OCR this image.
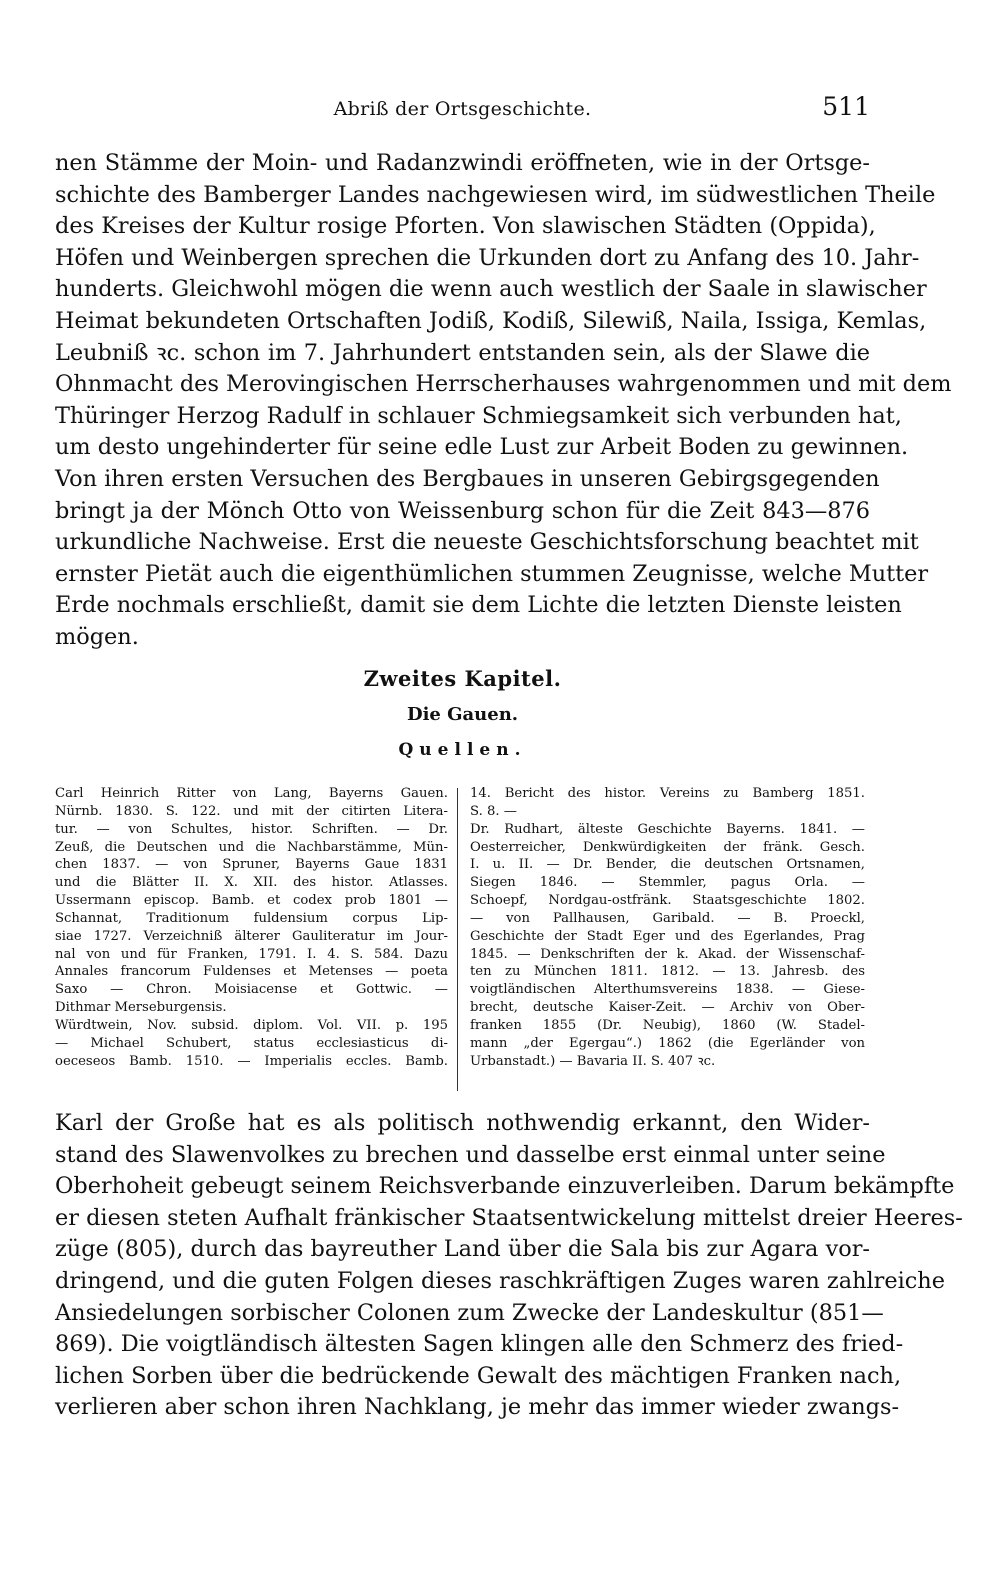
Abriß der Ortsgeschichte.	511
nen Stämme der Moin- und Radanzwindi eröffneten, wie in der Ortsge-
schichte des Bamberger Landes nachgewiesen wird, im südwestlichen Theile
des Kreises der Kultur rosige Pforten. Von slawischen Städten (Oppida),
Höfen und Weinbergen sprechen die Urkunden dort zu Anfang des 10. Jahr-
hunderts. Gleichwohl mögen die wenn auch westlich der Saale in slawischer
Heimat bekundeten Ortschaften Jodiß, Kodiß, Silewiß, Naila, Issiga, Kemlas,
Leubniß ꝛc. schon im 7. Jahrhundert entstanden sein, als der Slawe die
Ohnmacht des Merovingischen Herrscherhauses wahrgenommen und mit dem
Thüringer Herzog Radulf in schlauer Schmiegsamkeit sich verbunden hat,
um desto ungehinderter für seine edle Lust zur Arbeit Boden zu gewinnen.
Von ihren ersten Versuchen des Bergbaues in unseren Gebirgsgegenden
bringt ja der Mönch Otto von Weissenburg schon für die Zeit 843—876
urkundliche Nachweise. Erst die neueste Geschichtsforschung beachtet mit
ernster Pietät auch die eigenthümlichen stummen Zeugnisse, welche Mutter
Erde nochmals erschließt, damit sie dem Lichte die letzten Dienste leisten
mögen.
Zweites Kapitel.
Die Gauen.
Quellen.
Carl Heinrich Ritter von Lang, Bayerns Gauen.
Nürnb. 1830. S. 122. und mit der citirten Litera-
tur. — von Schultes, histor. Schriften. — Dr.
Zeuß, die Deutschen und die Nachbarstämme, Mün-
chen 1837. — von Spruner, Bayerns Gaue 1831
und die Blätter II. X. XII. des histor. Atlasses.
Ussermann episcop. Bamb. et codex prob 1801 —
Schannat, Traditionum fuldensium corpus Lip-
siae 1727. Verzeichniß älterer Gauliteratur im Jour-
nal von und für Franken, 1791. I. 4. S. 584. Dazu
Annales francorum Fuldenses et Metenses — poeta
Saxo — Chron. Moisiacense et Gottwic. —
Dithmar Merseburgensis.
Würdtwein, Nov. subsid. diplom. Vol. VII. p. 195
— Michael Schubert, status ecclesiasticus di-
oeceseos Bamb. 1510. — Imperialis eccles. Bamb.
14. Bericht des histor. Vereins zu Bamberg 1851.
S. 8. —
Dr. Rudhart, älteste Geschichte Bayerns. 1841. —
Oesterreicher, Denkwürdigkeiten der fränk. Gesch.
I. u. II. — Dr. Bender, die deutschen Ortsnamen,
Siegen 1846. — Stemmler, pagus Orla. —
Schoepf, Nordgau-ostfränk. Staatsgeschichte 1802.
— von Pallhausen, Garibald. — B. Proeckl,
Geschichte der Stadt Eger und des Egerlandes, Prag
1845. — Denkschriften der k. Akad. der Wissenschaf-
ten zu München 1811. 1812. — 13. Jahresb. des
voigtländischen Alterthumsvereins 1838. — Giese-
brecht, deutsche Kaiser-Zeit. — Archiv von Ober-
franken 1855 (Dr. Neubig), 1860 (W. Stadel-
mann „der Egergau“.) 1862 (die Egerländer von
Urbanstadt.) — Bavaria II. S. 407 ꝛc.
Karl der Große hat es als politisch nothwendig erkannt, den Wider-
stand des Slawenvolkes zu brechen und dasselbe erst einmal unter seine
Oberhoheit gebeugt seinem Reichsverbande einzuverleiben. Darum bekämpfte
er diesen steten Aufhalt fränkischer Staatsentwickelung mittelst dreier Heeres-
züge (805), durch das bayreuther Land über die Sala bis zur Agara vor-
dringend, und die guten Folgen dieses raschkräftigen Zuges waren zahlreiche
Ansiedelungen sorbischer Colonen zum Zwecke der Landeskultur (851—
869). Die voigtländisch ältesten Sagen klingen alle den Schmerz des fried-
lichen Sorben über die bedrückende Gewalt des mächtigen Franken nach,
verlieren aber schon ihren Nachklang, je mehr das immer wieder zwangs-
